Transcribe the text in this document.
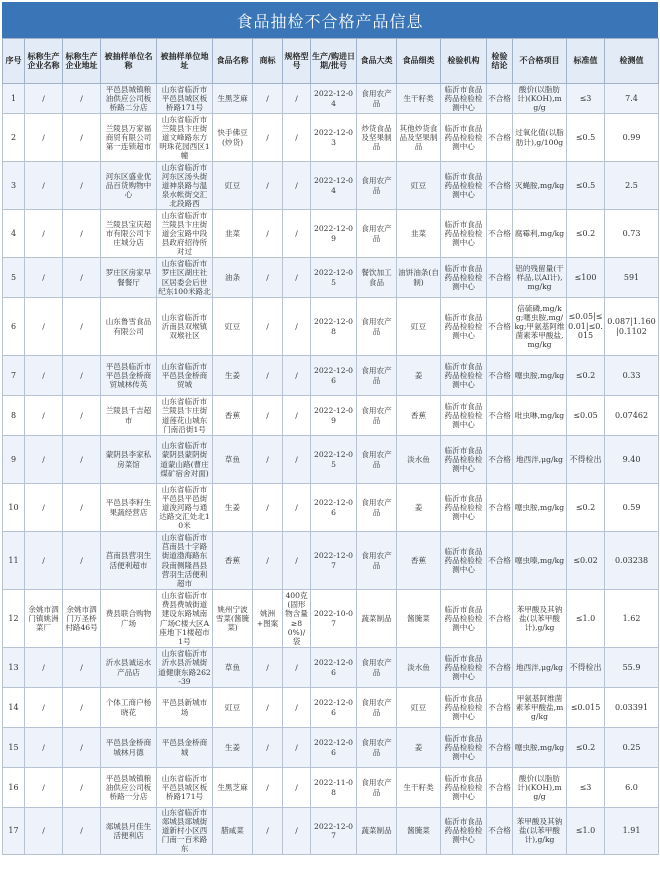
食品抽检不合格产品信息
序号	标称生产企业名称	标称生产企业地址	被抽样单位名称	被抽样单位地址	食品名称	商标	规格型号	生产/购进日期/批号	食品大类	食品细类	检验机构	检验结论	不合格项目	标准值	检测值
1	/	/	平邑县城镇粮油供应公司板桥路二分店	山东省临沂市平邑县城区板桥路171号	生黑芝麻	/	/	2022-12-04	食用农产品	生干籽类	临沂市食品药品检验检测中心	不合格	酸价(以脂肪计)(KOH),mg/g	≤3	7.4
2	/	/	兰陵县万家福商贸有限公司第一连锁超市	山东省临沂市兰陵县卞庄街道文峰路东方明珠花园西区1幢	快手佛豆(炒货)	/	/	2022-12-03	炒货食品及坚果制品	其他炒货食品及坚果制品	临沂市食品药品检验检测中心	不合格	过氧化值(以脂肪计),g/100g	≤0.5	0.99
3	/	/	河东区盛业优品百货购物中心	山东省临沂市河东区汤头街道神泉路与温泉水帐街交汇北段路西	豇豆	/	/	2022-12-04	食用农产品	豇豆	临沂市食品药品检验检测中心	不合格	灭蝇胺,mg/kg	≤0.5	2.5
4	/	/	兰陵县宝庆超市有限公司卞庄城分店	山东省临沂市兰陵县卞庄街道会宝路中段县政府招待所对过	韭菜	/	/	2022-12-09	食用农产品	韭菜	临沂市食品药品检验检测中心	不合格	腐霉利,mg/kg	≤0.2	0.73
5	/	/	罗庄区房家早餐餐厅	山东省临沂市罗庄区湖庄社区居委会后世纪东100米路北	油条	/	/	2022-12-05	餐饮加工食品	油饼油条(自制)	临沂市食品药品检验检测中心	不合格	铝的残留量(干样品,以Al计),mg/kg	≤100	591
6	/	/	山东鲁雪食品有限公司	山东省临沂市沂南县双堠镇双堠社区	豇豆	/	/	2022-12-08	食用农产品	豇豆	临沂市食品药品检验检测中心	不合格	倍硫磷,mg/kg;噻虫胺,mg/kg;甲氨基阿维菌素苯甲酸盐,mg/kg	≤0.05|≤0.01|≤0.015	0.087|1.160|0.1102
7	/	/	平邑县临沂市平邑县金桥商贸城林传英	山东省临沂市平邑县金桥商贸城	生姜	/	/	2022-12-06	食用农产品	姜	临沂市食品药品检验检测中心	不合格	噻虫胺,mg/kg	≤0.2	0.33
8	/	/	兰陵县千吉超市	山东省临沂市兰陵县卞庄街道莲花山城东门南沿街1号	香蕉	/	/	2022-12-09	食用农产品	香蕉	临沂市食品药品检验检测中心	不合格	吡虫啉,mg/kg	≤0.05	0.07462
9	/	/	蒙阴县李家私房菜馆	山东省临沂市蒙阴县蒙阴街道蒙山路(曹庄煤矿宿舍对面)	草鱼	/	/	2022-12-05	食用农产品	淡水鱼	临沂市食品药品检验检测中心	不合格	地西泮,μg/kg	不得检出	9.40
10	/	/	平邑县李籽生果蔬经营店	山东省临沂市平邑县平邑街道浚河路与通达路交汇处北10米	生姜	/	/	2022-12-06	食用农产品	姜	临沂市食品药品检验检测中心	不合格	噻虫胺,mg/kg	≤0.2	0.59
11	/	/	莒南县营羽生活便利超市	山东省临沂市莒南县十字路街道渤海路东段南侧隆昌县营羽生活便利超市	香蕉	/	/	2022-12-07	食用农产品	香蕉	临沂市食品药品检验检测中心	不合格	噻虫嗪,mg/kg	≤0.02	0.03238
12	余姚市泗门镇姚洲菜厂	余姚市泗门万圣桥村路46号	费县联合购物广场	山东省临沂市费县费城街道建设东路城南广场C楼大区A座地下1楼超市1号	姚州宁波雪菜(酱腌菜)	姚洲+图案	400克(固形物含量≥80%)/袋	2022-10-07	蔬菜制品	酱腌菜	临沂市食品药品检验检测中心	不合格	苯甲酸及其钠盐(以苯甲酸计),g/kg	≤1.0	1.62
13	/	/	沂水县诚运水产品店	山东省临沂市沂水县沂城街道健康东路262-39	草鱼	/	/	2022-12-06	食用农产品	淡水鱼	临沂市食品药品检验检测中心	不合格	地西泮,μg/kg	不得检出	55.9
14	/	/	个体工商户杨晓花	平邑县新城市场	豇豆	/	/	2022-12-06	食用农产品	豇豆	临沂市食品药品检验检测中心	不合格	甲氨基阿维菌素苯甲酸盐,mg/kg	≤0.015	0.03391
15	/	/	平邑县金桥商城林月德	平邑县金桥商城	生姜	/	/	2022-12-06	食用农产品	姜	临沂市食品药品检验检测中心	不合格	噻虫胺,mg/kg	≤0.2	0.25
16	/	/	平邑县城镇粮油供应公司板桥路一分店	山东省临沂市平邑县城区板桥路171号	生黑芝麻	/	/	2022-11-08	食用农产品	生干籽类	临沂市食品药品检验检测中心	不合格	酸价(以脂肪计)(KOH),mg/g	≤3	6.0
17	/	/	郯城县月佳生活便利店	山东省临沂市郯城县郯城街道新村小区西门南一百米路东	腊咸菜	/	/	2022-12-07	蔬菜制品	酱腌菜	临沂市食品药品检验检测中心	不合格	苯甲酸及其钠盐(以苯甲酸计),g/kg	≤1.0	1.91
